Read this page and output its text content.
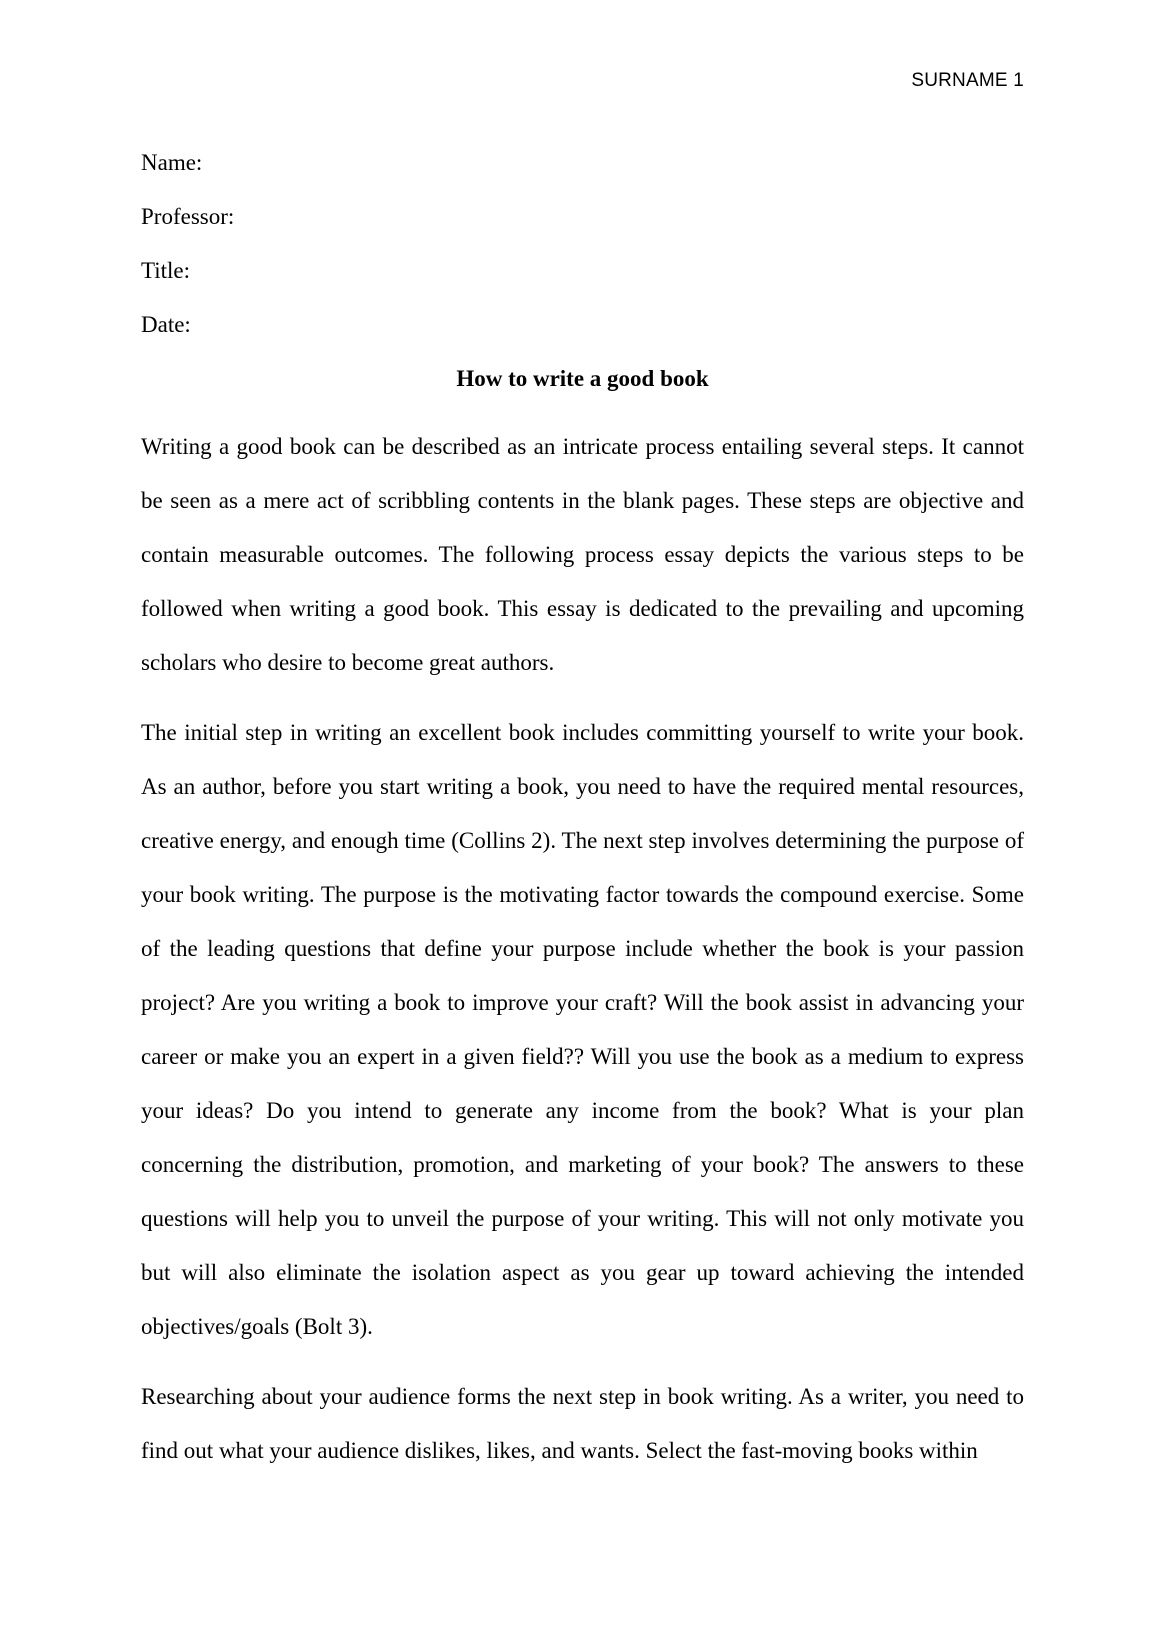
SURNAME 1
Name:
Professor:
Title:
Date:
How to write a good book

Writing a good book can be described as an intricate process entailing several steps. It cannot be seen as a mere act of scribbling contents in the blank pages. These steps are objective and contain measurable outcomes. The following process essay depicts the various steps to be followed when writing a good book. This essay is dedicated to the prevailing and upcoming scholars who desire to become great authors.

The initial step in writing an excellent book includes committing yourself to write your book. As an author, before you start writing a book, you need to have the required mental resources, creative energy, and enough time (Collins 2). The next step involves determining the purpose of your book writing. The purpose is the motivating factor towards the compound exercise. Some of the leading questions that define your purpose include whether the book is your passion project? Are you writing a book to improve your craft? Will the book assist in advancing your career or make you an expert in a given field?? Will you use the book as a medium to express your ideas? Do you intend to generate any income from the book? What is your plan concerning the distribution, promotion, and marketing of your book? The answers to these questions will help you to unveil the purpose of your writing. This will not only motivate you but will also eliminate the isolation aspect as you gear up toward achieving the intended objectives/goals (Bolt 3).

Researching about your audience forms the next step in book writing. As a writer, you need to find out what your audience dislikes, likes, and wants. Select the fast-moving books within
